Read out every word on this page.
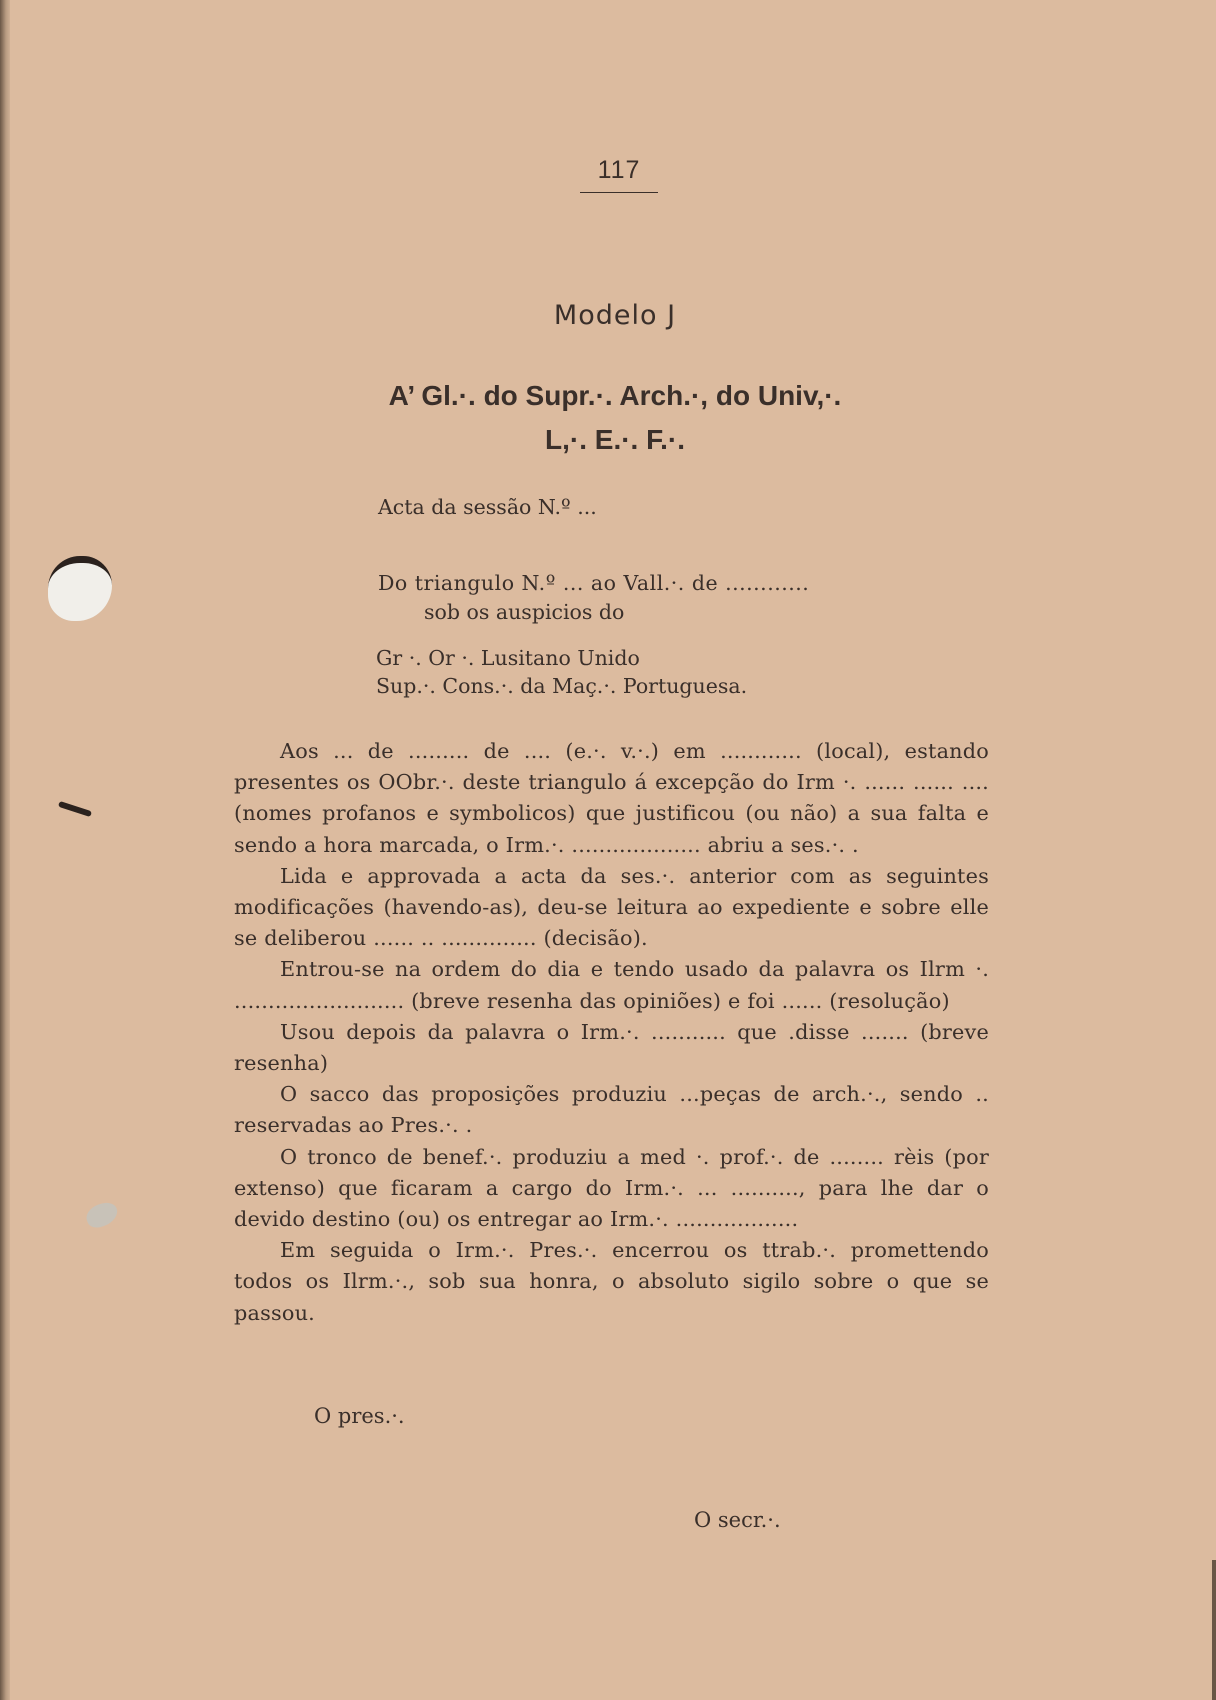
117
Modelo J
A’ Gl.·. do Supr.·. Arch.·, do Univ,·.
L,·. E.·. F.·.
Acta da sessão N.º ...
Do triangulo N.º ... ao Vall.·. de ............
sob os auspicios do
Gr ·. Or ·. Lusitano Unido
Sup.·. Cons.·. da Maç.·. Portuguesa.

Aos ... de ......... de .... (e.·. v.·.) em ............ (local), estando presentes os OObr.·. deste triangulo á excepção do Irm ·. ...... ...... .... (nomes profanos e symbolicos) que justificou (ou não) a sua falta e sendo a hora marcada, o Irm.·. ................... abriu a ses.·. .

Lida e approvada a acta da ses.·. anterior com as seguintes modificações (havendo-as), deu-se leitura ao expediente e sobre elle se deliberou ...... .. .............. (decisão).

Entrou-se na ordem do dia e tendo usado da palavra os Ilrm ·. ......................... (breve resenha das opiniões) e foi ...... (resolução)

Usou depois da palavra o Irm.·. ........... que .disse ....... (breve resenha)

O sacco das proposições produziu ...peças de arch.·., sendo .. reservadas ao Pres.·. .

O tronco de benef.·. produziu a med ·. prof.·. de ........ rèis (por extenso) que ficaram a cargo do Irm.·. ... .........., para lhe dar o devido destino (ou) os entregar ao Irm.·. ..................

Em seguida o Irm.·. Pres.·. encerrou os ttrab.·. promettendo todos os Ilrm.·., sob sua honra, o absoluto sigilo sobre o que se passou.

O pres.·.
O secr.·.
